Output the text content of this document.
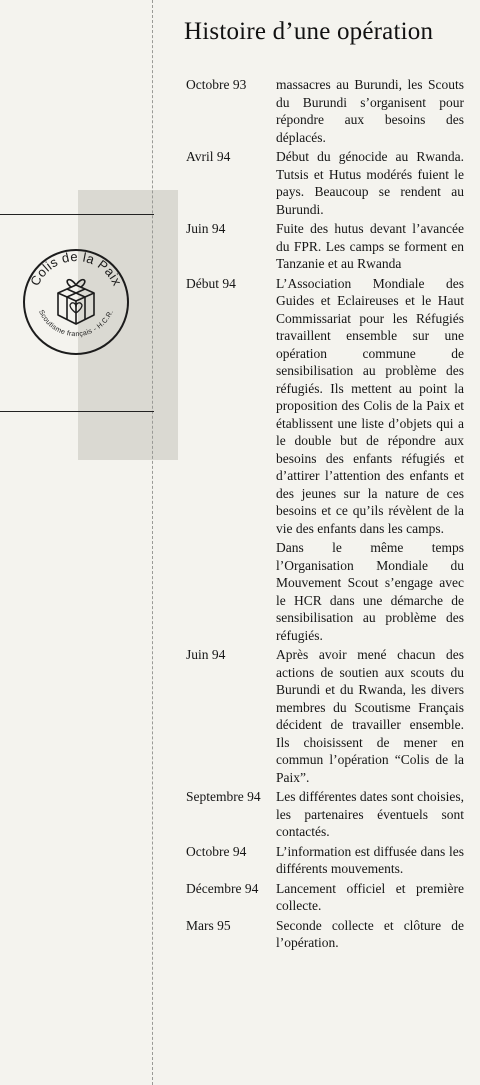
Colis de la Paix
Scoutisme français - H.C.R.
Histoire d’une opération
Octobre 93 massacres au Burundi, les Scouts du Burundi s’organisent pour répondre aux besoins des déplacés.
Avril 94	Début du génocide au Rwanda. Tutsis et Hutus modérés fuient le pays. Beaucoup se rendent au Burundi.
Juin 94	Fuite des hutus devant l’avancée du FPR. Les camps se forment en Tanzanie et au Rwanda
Début 94	L’Association Mondiale des Guides et Eclaireuses et le Haut Commissariat pour les Réfugiés travaillent ensemble sur une opération commune de sensibilisation au problème des réfugiés. Ils mettent au point la proposition des Colis de la Paix et établissent une liste d’objets qui a le double but de répondre aux besoins des enfants réfugiés et d’attirer l’attention des enfants et des jeunes sur la nature de ces besoins et ce qu’ils révèlent de la vie des enfants dans les camps.
Dans le même temps l’Organisation Mondiale du Mouvement Scout s’engage avec le HCR dans une démarche de sensibilisation au problème des réfugiés.
Juin 94	Après avoir mené chacun des actions de soutien aux scouts du Burundi et du Rwanda, les divers membres du Scoutisme Français décident de travailler ensemble. Ils choisissent de mener en commun l’opération “Colis de la Paix”.
Septembre 94 Les différentes dates sont choisies, les partenaires éventuels sont contactés.
Octobre 94 L’information est diffusée dans les différents mouvements.
Décembre 94 Lancement officiel et première collecte.
Mars 95	Seconde collecte et clôture de l’opération.
